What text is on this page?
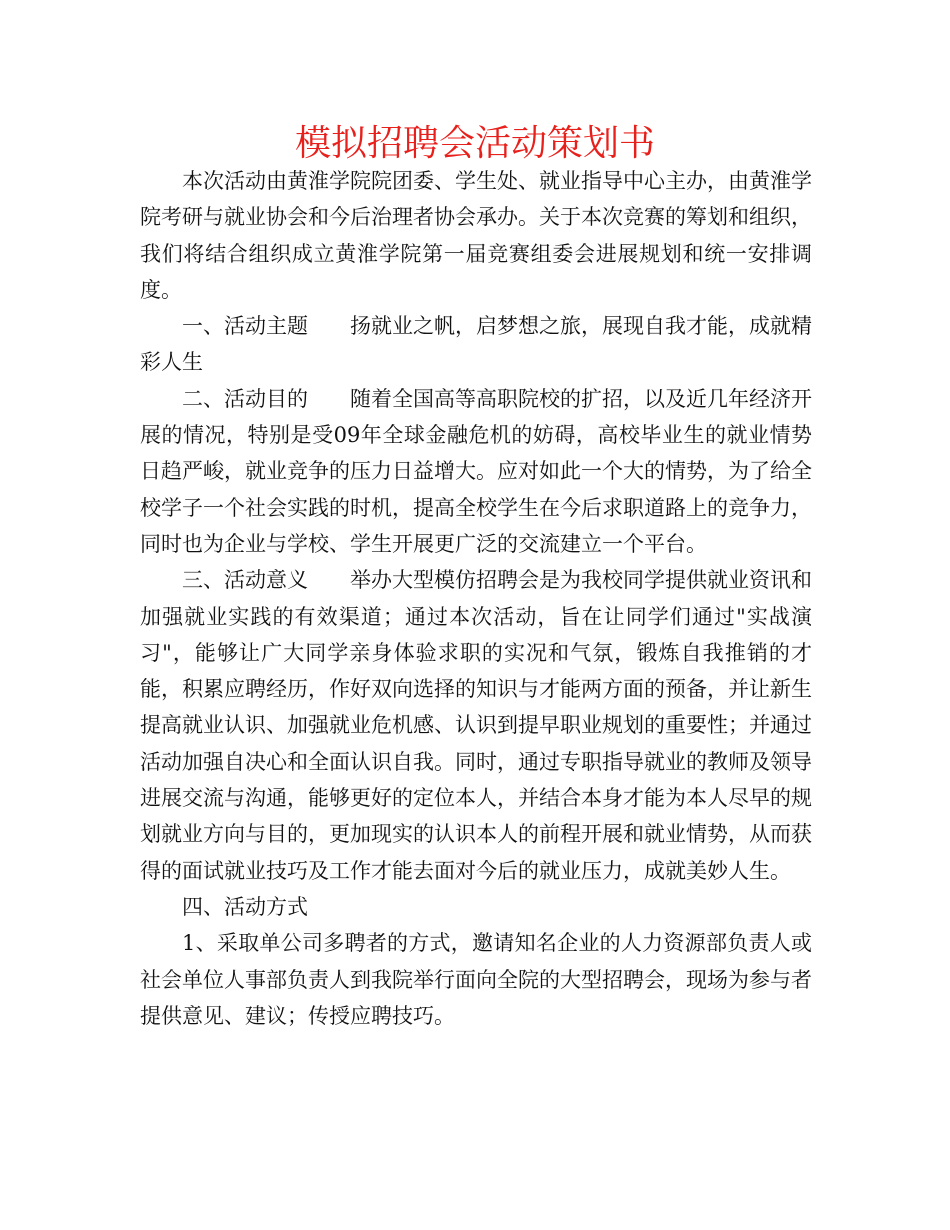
模拟招聘会活动策划书

本次活动由黄淮学院院团委、学生处、就业指导中心主办，由黄淮学院考研与就业协会和今后治理者协会承办。关于本次竞赛的筹划和组织，我们将结合组织成立黄淮学院第一届竞赛组委会进展规划和统一安排调度。

一、活动主题 扬就业之帆，启梦想之旅，展现自我才能，成就精彩人生

二、活动目的 随着全国高等高职院校的扩招，以及近几年经济开展的情况，特别是受09年全球金融危机的妨碍，高校毕业生的就业情势日趋严峻，就业竞争的压力日益增大。应对如此一个大的情势，为了给全校学子一个社会实践的时机，提高全校学生在今后求职道路上的竞争力，同时也为企业与学校、学生开展更广泛的交流建立一个平台。

三、活动意义 举办大型模仿招聘会是为我校同学提供就业资讯和加强就业实践的有效渠道；通过本次活动，旨在让同学们通过"实战演习"，能够让广大同学亲身体验求职的实况和气氛，锻炼自我推销的才能，积累应聘经历，作好双向选择的知识与才能两方面的预备，并让新生提高就业认识、加强就业危机感、认识到提早职业规划的重要性；并通过活动加强自决心和全面认识自我。同时，通过专职指导就业的教师及领导进展交流与沟通，能够更好的定位本人，并结合本身才能为本人尽早的规划就业方向与目的，更加现实的认识本人的前程开展和就业情势，从而获得的面试就业技巧及工作才能去面对今后的就业压力，成就美妙人生。

四、活动方式

1、采取单公司多聘者的方式，邀请知名企业的人力资源部负责人或社会单位人事部负责人到我院举行面向全院的大型招聘会，现场为参与者提供意见、建议；传授应聘技巧。
